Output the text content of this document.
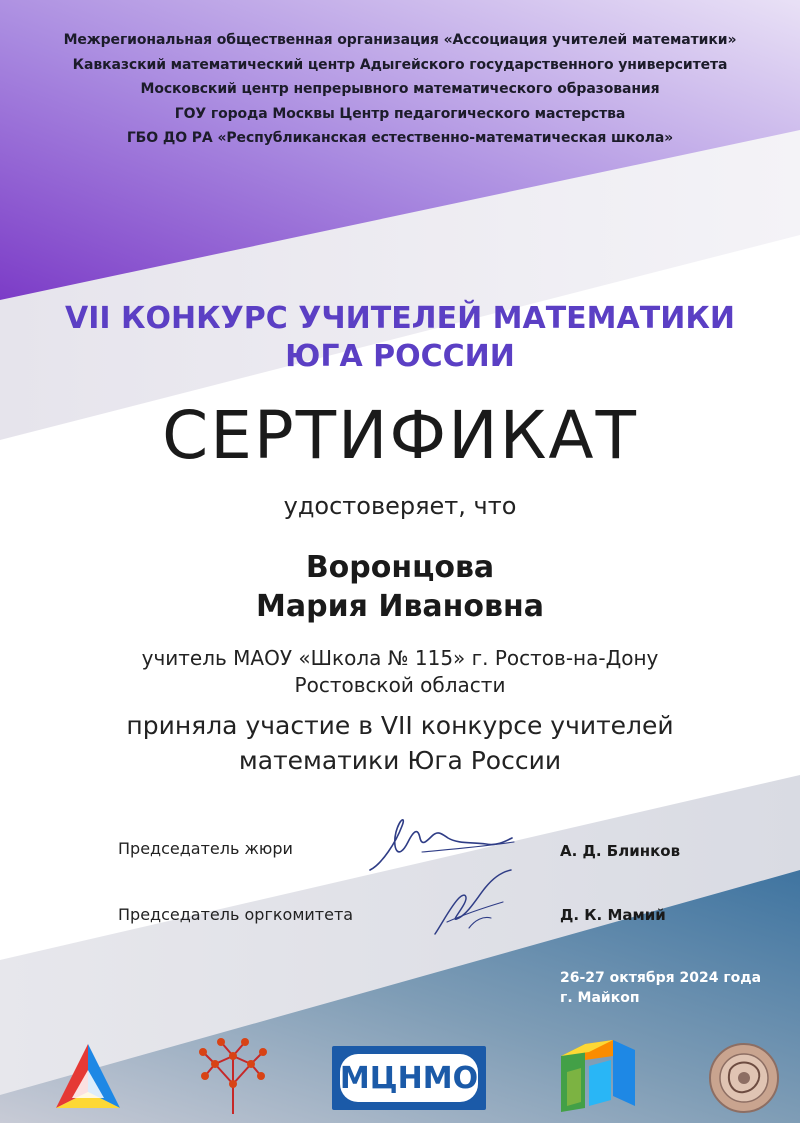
Межрегиональная общественная организация «Ассоциация учителей математики»
Кавказский математический центр Адыгейского государственного университета
Московский центр непрерывного математического образования
ГОУ города Москвы Центр педагогического мастерства
ГБО ДО РА «Республиканская естественно-математическая школа»
VII КОНКУРС УЧИТЕЛЕЙ МАТЕМАТИКИ
ЮГА РОССИИ
СЕРТИФИКАТ
удостоверяет, что
Воронцова
Мария Ивановна
учитель МАОУ «Школа № 115» г. Ростов-на-Дону
Ростовской области
приняла участие в VII конкурсе учителей
математики Юга России
Председатель жюри	А. Д. Блинков
Председатель оргкомитета	Д. К. Мамий
26-27 октября 2024 года
г. Майкоп
МЦНМО
